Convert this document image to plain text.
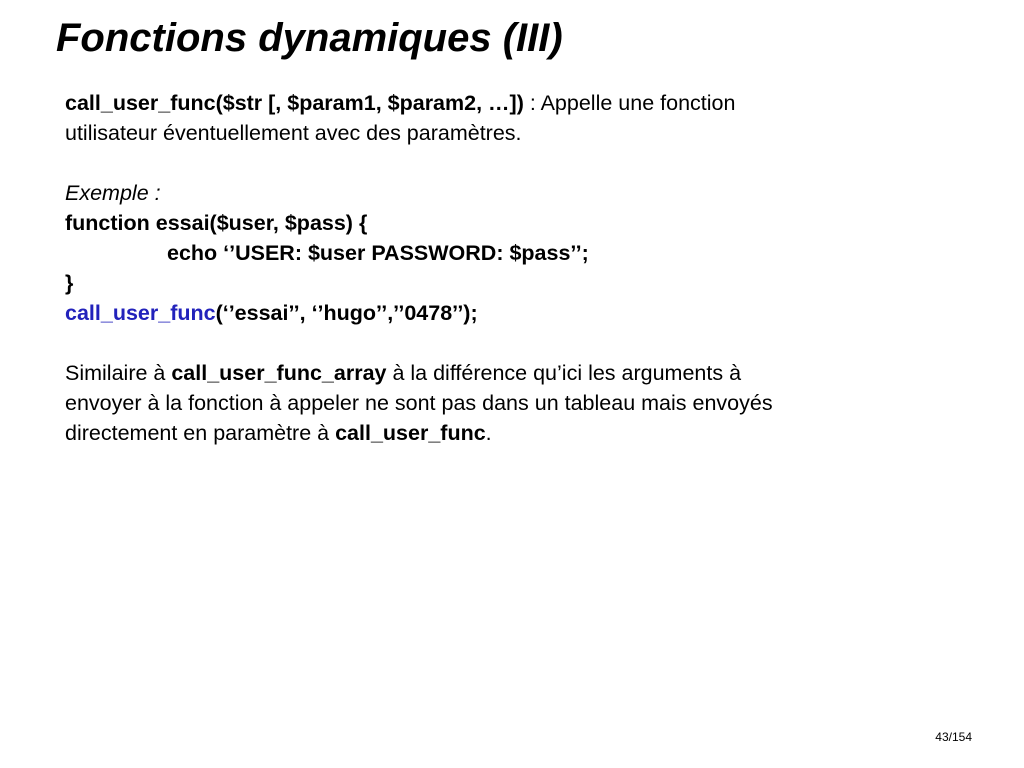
Fonctions dynamiques (III)

call_user_func($str [, $param1, $param2, …]) : Appelle une fonction

utilisateur éventuellement avec des paramètres.

Exemple :

function essai($user, $pass) {

echo ‘’USER: $user PASSWORD: $pass’’;

}

call_user_func(‘’essai’’, ‘’hugo’’,’’0478’’);

Similaire à call_user_func_array à la différence qu’ici les arguments à

envoyer à la fonction à appeler ne sont pas dans un tableau mais envoyés

directement en paramètre à call_user_func.

43/154
